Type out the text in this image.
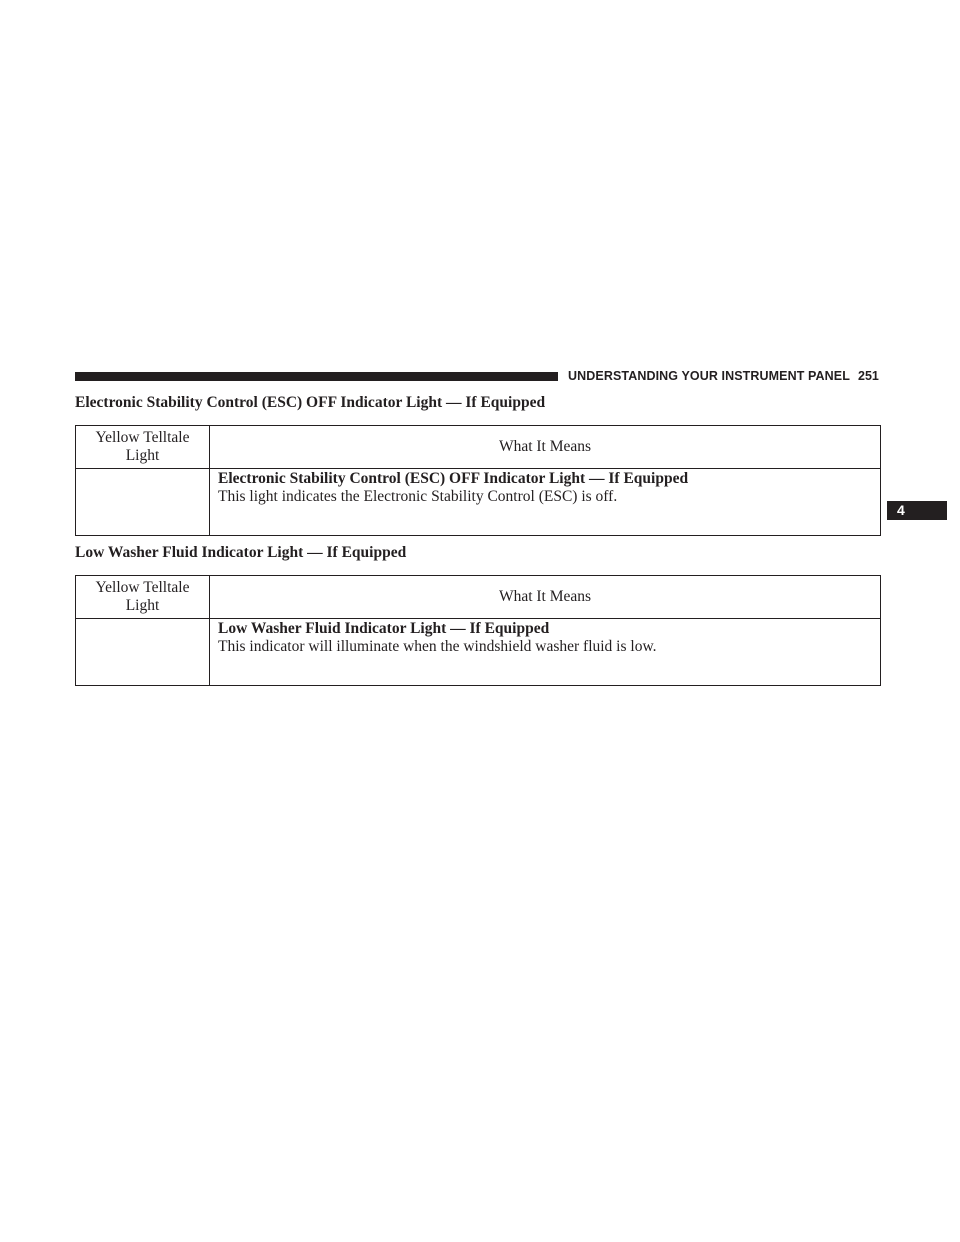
UNDERSTANDING YOUR INSTRUMENT PANEL 251
4
Electronic Stability Control (ESC) OFF Indicator Light — If Equipped
Yellow Telltale
Light	What It Means

	Electronic Stability Control (ESC) OFF Indicator Light — If Equipped
This light indicates the Electronic Stability Control (ESC) is off.
Low Washer Fluid Indicator Light — If Equipped
Yellow Telltale
Light	What It Means

	Low Washer Fluid Indicator Light — If Equipped
This indicator will illuminate when the windshield washer fluid is low.
